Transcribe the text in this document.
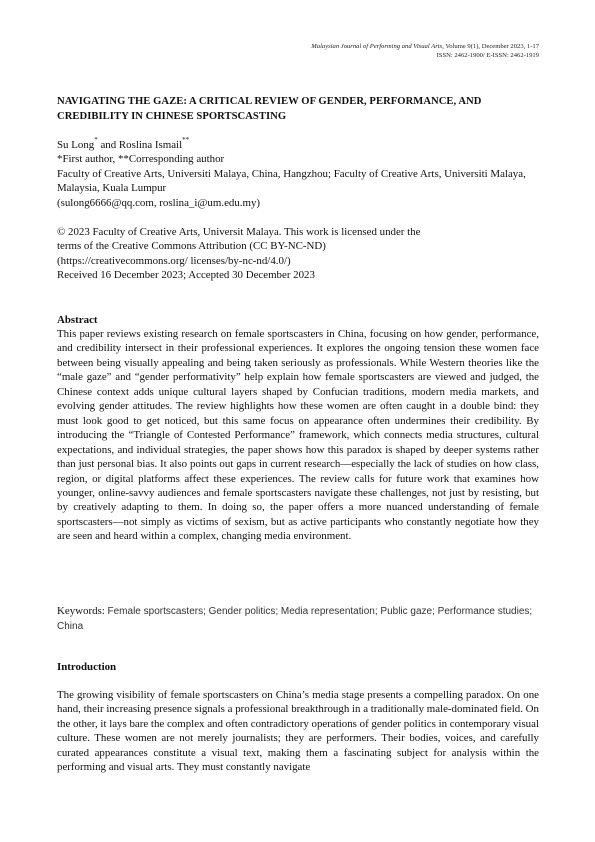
Malaysian Journal of Performing and Visual Arts, Volume 9(1), December 2023, 1-17
ISSN: 2462-1900/ E-ISSN: 2462-1919
NAVIGATING THE GAZE: A CRITICAL REVIEW OF GENDER, PERFORMANCE, AND CREDIBILITY IN CHINESE SPORTSCASTING
Su Long* and Roslina Ismail**
*First author, **Corresponding author
Faculty of Creative Arts, Universiti Malaya, China, Hangzhou; Faculty of Creative Arts, Universiti Malaya, Malaysia, Kuala Lumpur
(sulong6666@qq.com, roslina_i@um.edu.my)
© 2023 Faculty of Creative Arts, Universit Malaya. This work is licensed under the
terms of the Creative Commons Attribution (CC BY-NC-ND)
(https://creativecommons.org/ licenses/by-nc-nd/4.0/)
Received 16 December 2023; Accepted 30 December 2023
Abstract

This paper reviews existing research on female sportscasters in China, focusing on how gender, performance, and credibility intersect in their professional experiences. It explores the ongoing tension these women face between being visually appealing and being taken seriously as professionals. While Western theories like the “male gaze” and “gender performativity” help explain how female sportscasters are viewed and judged, the Chinese context adds unique cultural layers shaped by Confucian traditions, modern media markets, and evolving gender attitudes. The review highlights how these women are often caught in a double bind: they must look good to get noticed, but this same focus on appearance often undermines their credibility. By introducing the “Triangle of Contested Performance” framework, which connects media structures, cultural expectations, and individual strategies, the paper shows how this paradox is shaped by deeper systems rather than just personal bias. It also points out gaps in current research—especially the lack of studies on how class, region, or digital platforms affect these experiences. The review calls for future work that examines how younger, online-savvy audiences and female sportscasters navigate these challenges, not just by resisting, but by creatively adapting to them. In doing so, the paper offers a more nuanced understanding of female sportscasters—not simply as victims of sexism, but as active participants who constantly negotiate how they are seen and heard within a complex, changing media environment.

Keywords: Female sportscasters; Gender politics; Media representation; Public gaze; Performance studies; China
Introduction

The growing visibility of female sportscasters on China’s media stage presents a compelling paradox. On one hand, their increasing presence signals a professional breakthrough in a traditionally male-dominated field. On the other, it lays bare the complex and often contradictory operations of gender politics in contemporary visual culture. These women are not merely journalists; they are performers. Their bodies, voices, and carefully curated appearances constitute a visual text, making them a fascinating subject for analysis within the performing and visual arts. They must constantly navigate
